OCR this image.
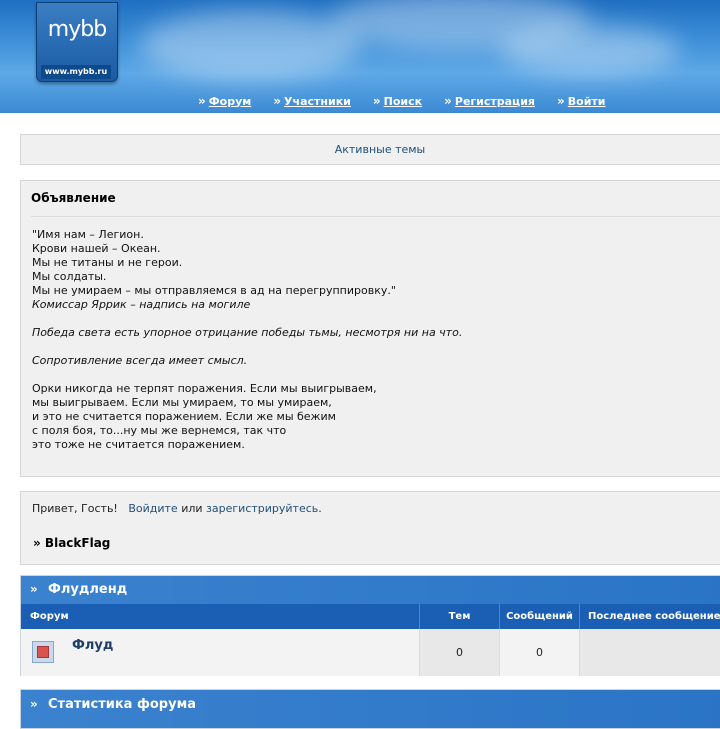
mybb
www.mybb.ru
» Форум » Участники » Поиск » Регистрация » Войти
Активные темы
Объявление
"Имя нам – Легион.
Крови нашей – Океан.
Мы не титаны и не герои.
Мы солдаты.
Мы не умираем – мы отправляемся в ад на перегруппировку."
Комиссар Яррик – надпись на могиле
Победа света есть упорное отрицание победы тьмы, несмотря ни на что.
Сопротивление всегда имеет смысл.
Орки никогда не терпят поражения. Если мы выигрываем,
мы выигрываем. Если мы умираем, то мы умираем,
и это не считается поражением. Если же мы бежим
с поля боя, то...ну мы же вернемся, так что
это тоже не считается поражением.
Привет, Гость! Войдите или зарегистрируйтесь.
» BlackFlag
» Флудленд
Форум	Тем	Сообщений	Последнее сообщение
Флуд	0	0
» Статистика форума
